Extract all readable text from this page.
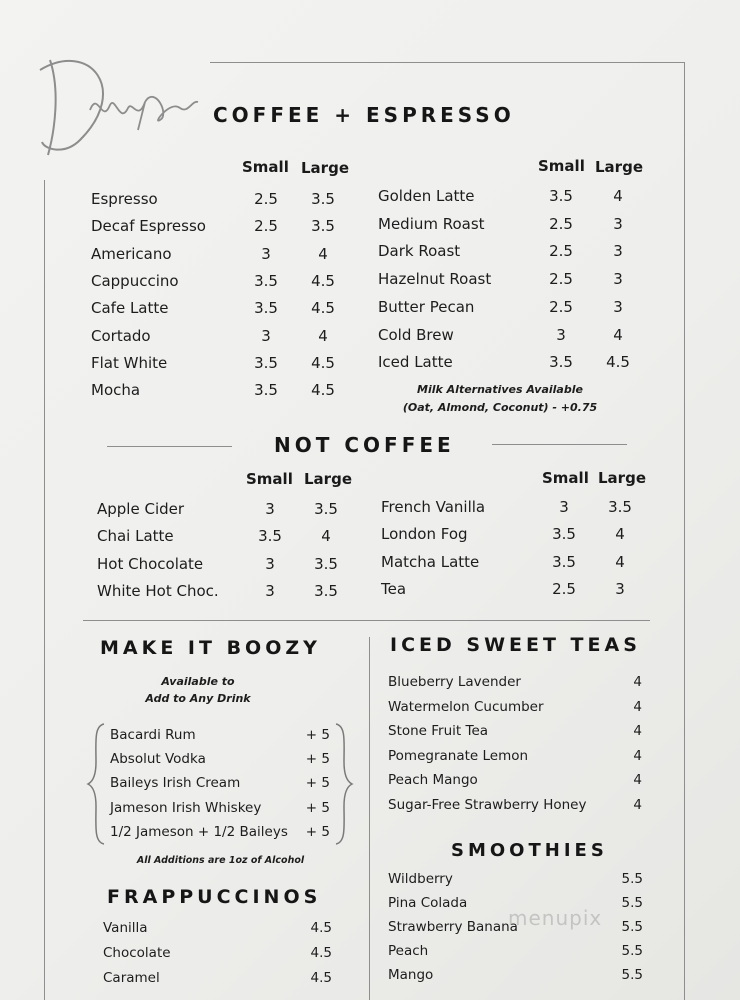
COFFEE + ESPRESSO
Small Large	Small Large
Espresso	2.5	3.5
Decaf Espresso	2.5	3.5
Americano	3	4
Cappuccino	3.5	4.5
Cafe Latte	3.5	4.5
Cortado	3	4
Flat White	3.5	4.5
Mocha	3.5	4.5
Golden Latte	3.5	4
Medium Roast	2.5	3
Dark Roast	2.5	3
Hazelnut Roast	2.5	3
Butter Pecan	2.5	3
Cold Brew	3	4
Iced Latte	3.5	4.5
Milk Alternatives Available
(Oat, Almond, Coconut) - +0.75
NOT COFFEE
Small Large	Small Large
Apple Cider	3	3.5
Chai Latte	3.5	4
Hot Chocolate	3	3.5
White Hot Choc.	3	3.5
French Vanilla	3	3.5
London Fog	3.5	4
Matcha Latte	3.5	4
Tea	2.5	3
MAKE IT BOOZY
Available to
Add to Any Drink
Bacardi Rum	+ 5
Absolut Vodka	+ 5
Baileys Irish Cream	+ 5
Jameson Irish Whiskey	+ 5
1/2 Jameson + 1/2 Baileys	+ 5
All Additions are 1oz of Alcohol
FRAPPUCCINOS
Vanilla	4.5
Chocolate	4.5
Caramel	4.5
ICED SWEET TEAS
Blueberry Lavender	4
Watermelon Cucumber	4
Stone Fruit Tea	4
Pomegranate Lemon	4
Peach Mango	4
Sugar-Free Strawberry Honey	4
SMOOTHIES
Wildberry	5.5
Pina Colada	5.5
Strawberry Banana	5.5
Peach	5.5
Mango	5.5
menupix
